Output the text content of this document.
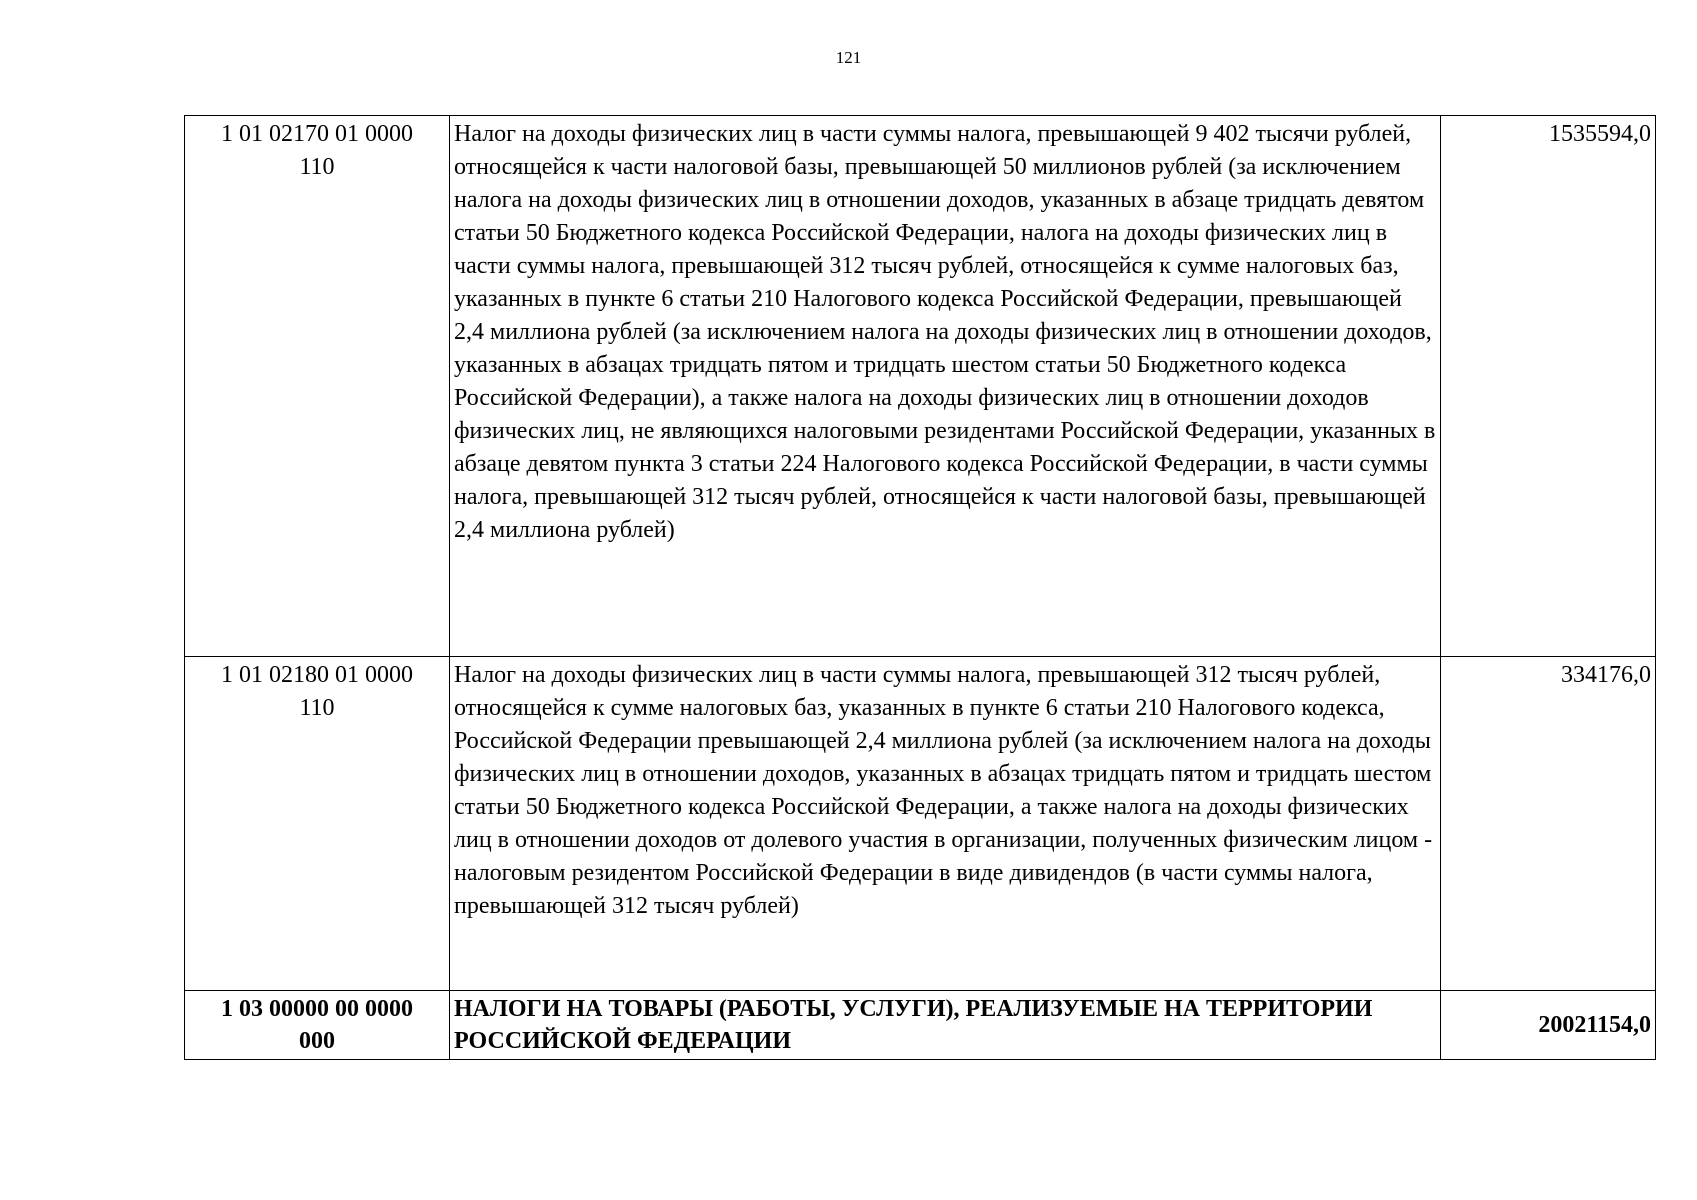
121
1 01 02170 01 0000
110	Налог на доходы физических лиц в части суммы налога, превышающей 9 402 тысячи рублей, относящейся к части налоговой базы, превышающей 50 миллионов рублей (за исключением налога на доходы физических лиц в отношении доходов, указанных в абзаце тридцать девятом статьи 50 Бюджетного кодекса Российской Федерации, налога на доходы физических лиц в части суммы налога, превышающей 312 тысяч рублей, относящейся к сумме налоговых баз, указанных в пункте 6 статьи 210 Налогового кодекса Российской Федерации, превышающей 2,4 миллиона рублей (за исключением налога на доходы физических лиц в отношении доходов, указанных в абзацах тридцать пятом и тридцать шестом статьи 50 Бюджетного кодекса Российской Федерации), а также налога на доходы физических лиц в отношении доходов физических лиц, не являющихся налоговыми резидентами Российской Федерации, указанных в абзаце девятом пункта 3 статьи 224 Налогового кодекса Российской Федерации, в части суммы налога, превышающей 312 тысяч рублей, относящейся к части налоговой базы, превышающей 2,4 миллиона рублей)	1535594,0

1 01 02180 01 0000
110	Налог на доходы физических лиц в части суммы налога, превышающей 312 тысяч рублей, относящейся к сумме налоговых баз, указанных в пункте 6 статьи 210 Налогового кодекса, Российской Федерации превышающей 2,4 миллиона рублей (за исключением налога на доходы физических лиц в отношении доходов, указанных в абзацах тридцать пятом и тридцать шестом статьи 50 Бюджетного кодекса Российской Федерации, а также налога на доходы физических лиц в отношении доходов от долевого участия в организации, полученных физическим лицом - налоговым резидентом Российской Федерации в виде дивидендов (в части суммы налога, превышающей 312 тысяч рублей)	334176,0

1 03 00000 00 0000
000	НАЛОГИ НА ТОВАРЫ (РАБОТЫ, УСЛУГИ), РЕАЛИЗУЕМЫЕ НА ТЕРРИТОРИИ РОССИЙСКОЙ ФЕДЕРАЦИИ	20021154,0
